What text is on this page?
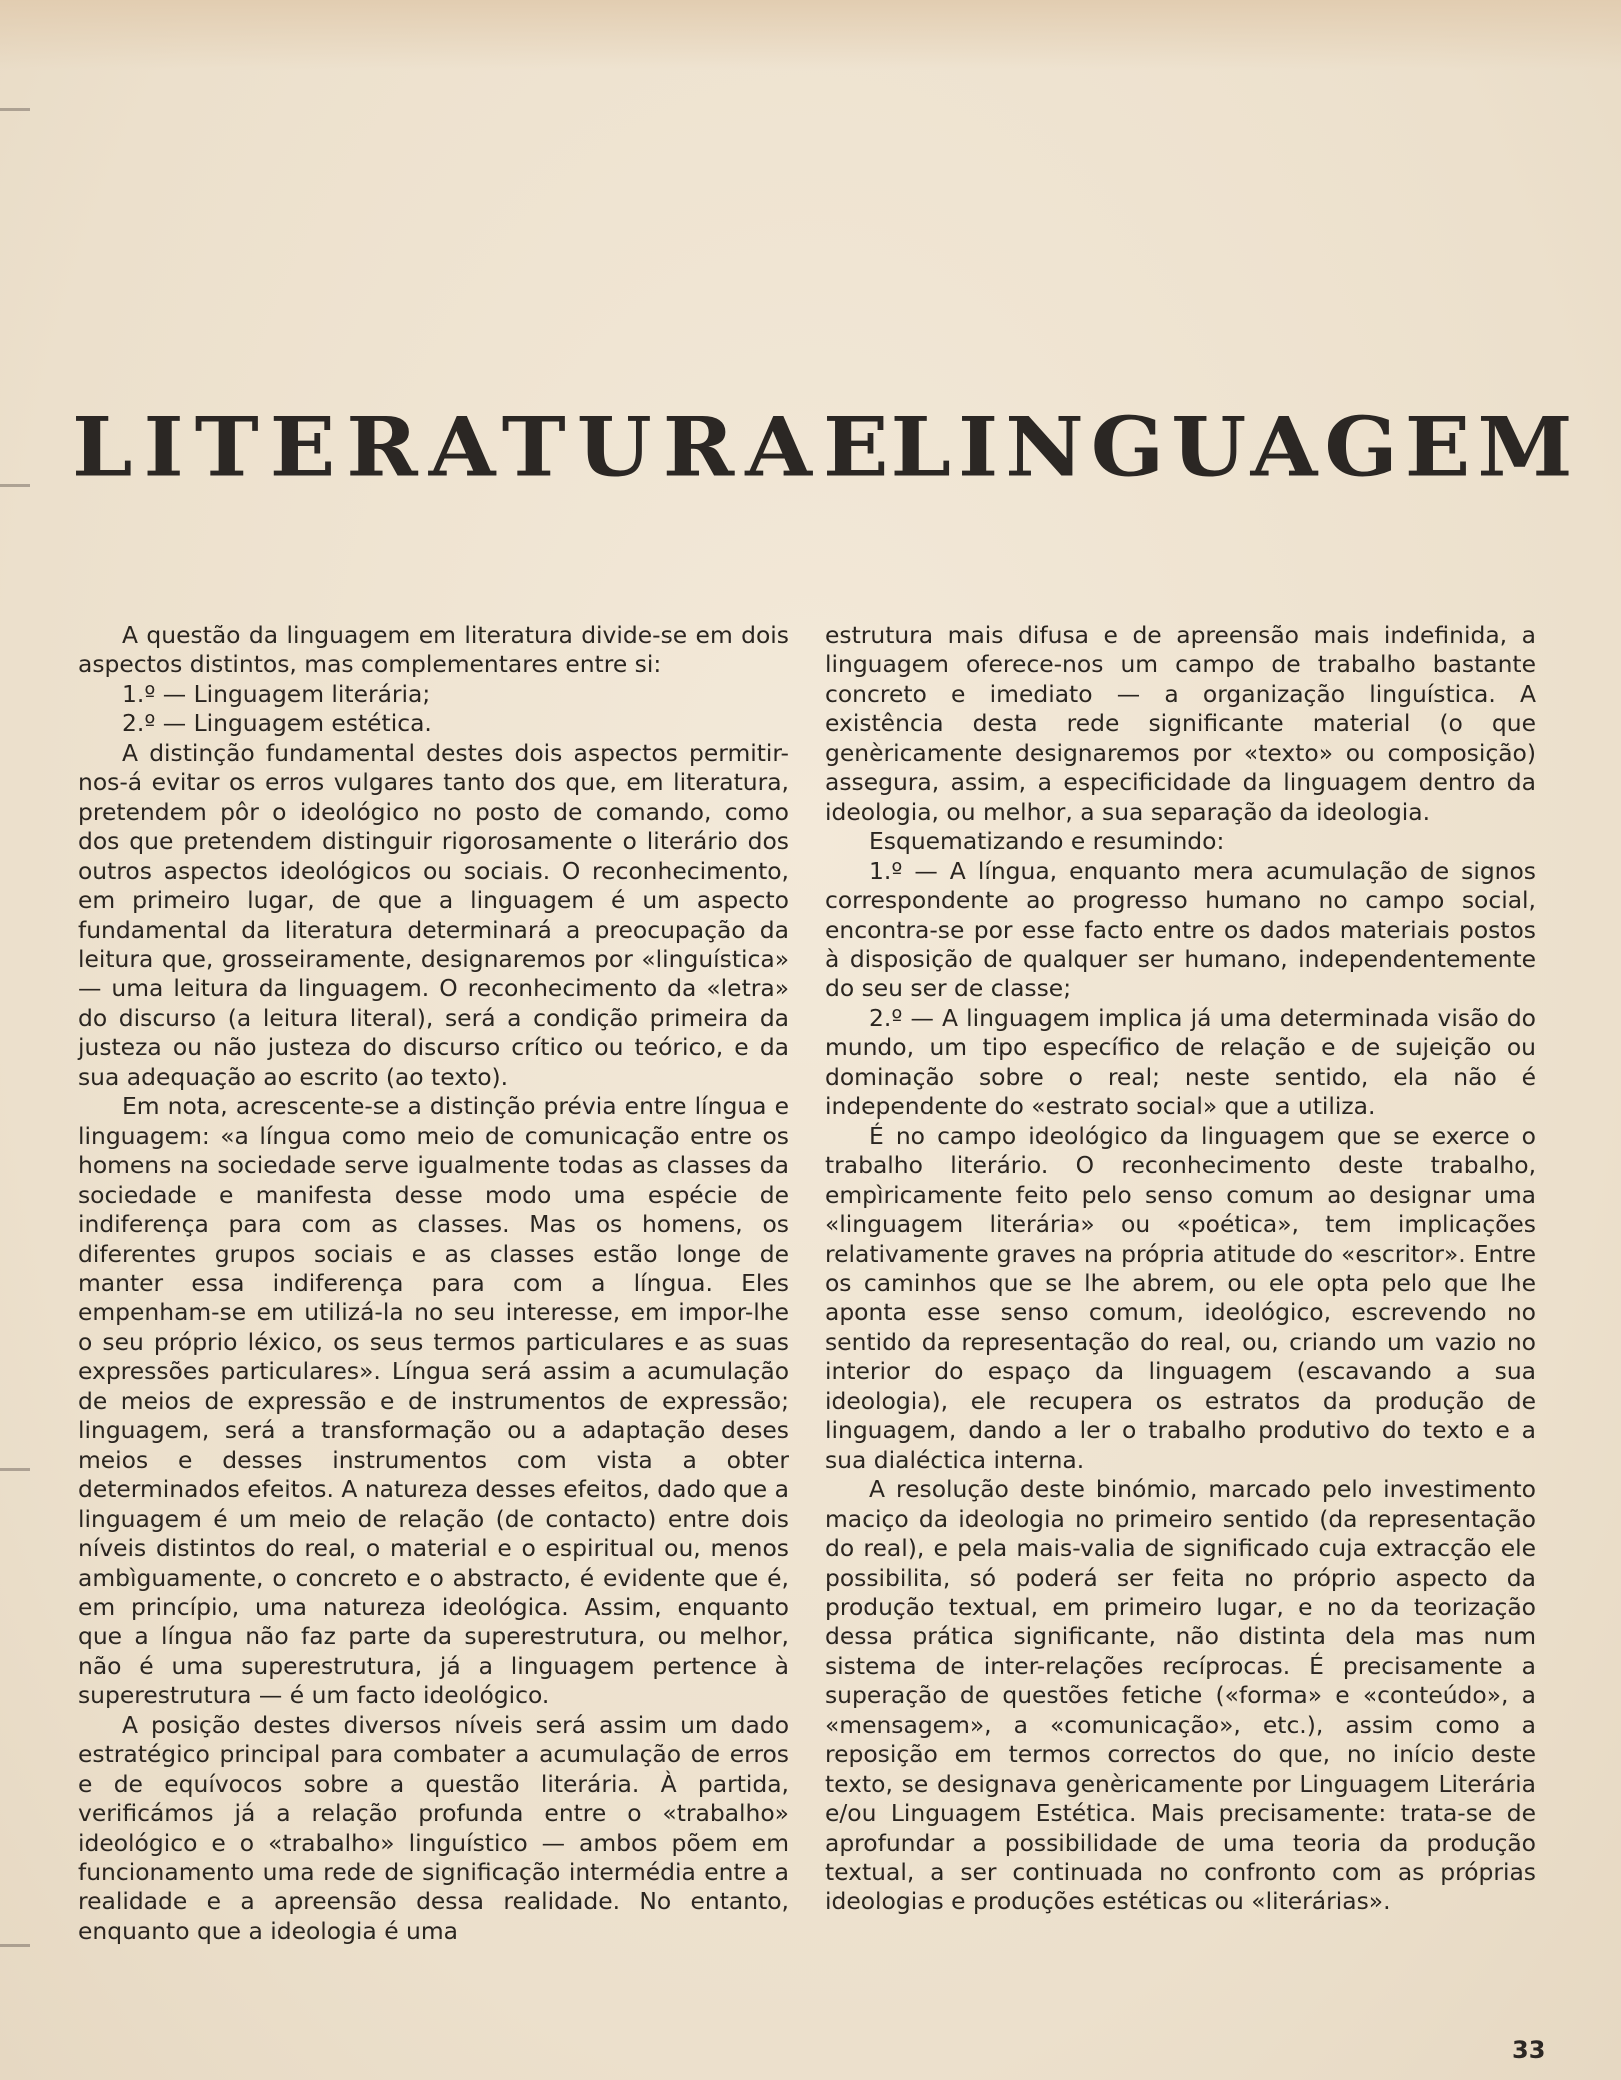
LITERATURA E LINGUAGEM

A questão da linguagem em literatura divide-se em dois aspectos distintos, mas complementares entre si:

1.º — Linguagem literária;

2.º — Linguagem estética.

A distinção fundamental destes dois aspectos permitir-nos-á evitar os erros vulgares tanto dos que, em literatura, pretendem pôr o ideológico no posto de comando, como dos que pretendem distinguir rigorosamente o literário dos outros aspectos ideológicos ou sociais. O reconhecimento, em primeiro lugar, de que a linguagem é um aspecto fundamental da literatura determinará a preocupação da leitura que, grosseiramente, designaremos por «linguística» — uma leitura da linguagem. O reconhecimento da «letra» do discurso (a leitura literal), será a condição primeira da justeza ou não justeza do discurso crítico ou teórico, e da sua adequação ao escrito (ao texto).

Em nota, acrescente-se a distinção prévia entre língua e linguagem: «a língua como meio de comunicação entre os homens na sociedade serve igualmente todas as classes da sociedade e manifesta desse modo uma espécie de indiferença para com as classes. Mas os homens, os diferentes grupos sociais e as classes estão longe de manter essa indiferença para com a língua. Eles empenham-se em utilizá-la no seu interesse, em impor-lhe o seu próprio léxico, os seus termos particulares e as suas expressões particulares». Língua será assim a acumulação de meios de expressão e de instrumentos de expressão; linguagem, será a transformação ou a adaptação deses meios e desses instrumentos com vista a obter determinados efeitos. A natureza desses efeitos, dado que a linguagem é um meio de relação (de contacto) entre dois níveis distintos do real, o material e o espiritual ou, menos ambìguamente, o concreto e o abstracto, é evidente que é, em princípio, uma natureza ideológica. Assim, enquanto que a língua não faz parte da superestrutura, ou melhor, não é uma superestrutura, já a linguagem pertence à superestrutura — é um facto ideológico.

A posição destes diversos níveis será assim um dado estratégico principal para combater a acumulação de erros e de equívocos sobre a questão literária. À partida, verificámos já a relação profunda entre o «trabalho» ideológico e o «trabalho» linguístico — ambos põem em funcionamento uma rede de significação intermédia entre a realidade e a apreensão dessa realidade. No entanto, enquanto que a ideologia é uma

estrutura mais difusa e de apreensão mais indefinida, a linguagem oferece-nos um campo de trabalho bastante concreto e imediato — a organização linguística. A existência desta rede significante material (o que genèricamente designaremos por «texto» ou composição) assegura, assim, a especificidade da linguagem dentro da ideologia, ou melhor, a sua separação da ideologia.

Esquematizando e resumindo:

1.º — A língua, enquanto mera acumulação de signos correspondente ao progresso humano no campo social, encontra-se por esse facto entre os dados materiais postos à disposição de qualquer ser humano, independentemente do seu ser de classe;

2.º — A linguagem implica já uma determinada visão do mundo, um tipo específico de relação e de sujeição ou dominação sobre o real; neste sentido, ela não é independente do «estrato social» que a utiliza.

É no campo ideológico da linguagem que se exerce o trabalho literário. O reconhecimento deste trabalho, empìricamente feito pelo senso comum ao designar uma «linguagem literária» ou «poética», tem implicações relativamente graves na própria atitude do «escritor». Entre os caminhos que se lhe abrem, ou ele opta pelo que lhe aponta esse senso comum, ideológico, escrevendo no sentido da representação do real, ou, criando um vazio no interior do espaço da linguagem (escavando a sua ideologia), ele recupera os estratos da produção de linguagem, dando a ler o trabalho produtivo do texto e a sua dialéctica interna.

A resolução deste binómio, marcado pelo investimento maciço da ideologia no primeiro sentido (da representação do real), e pela mais-valia de significado cuja extracção ele possibilita, só poderá ser feita no próprio aspecto da produção textual, em primeiro lugar, e no da teorização dessa prática significante, não distinta dela mas num sistema de inter-relações recíprocas. É precisamente a superação de questões fetiche («forma» e «conteúdo», a «mensagem», a «comunicação», etc.), assim como a reposição em termos correctos do que, no início deste texto, se designava genèricamente por Linguagem Literária e/ou Linguagem Estética. Mais precisamente: trata-se de aprofundar a possibilidade de uma teoria da produção textual, a ser continuada no confronto com as próprias ideologias e produções estéticas ou «literárias».

33
